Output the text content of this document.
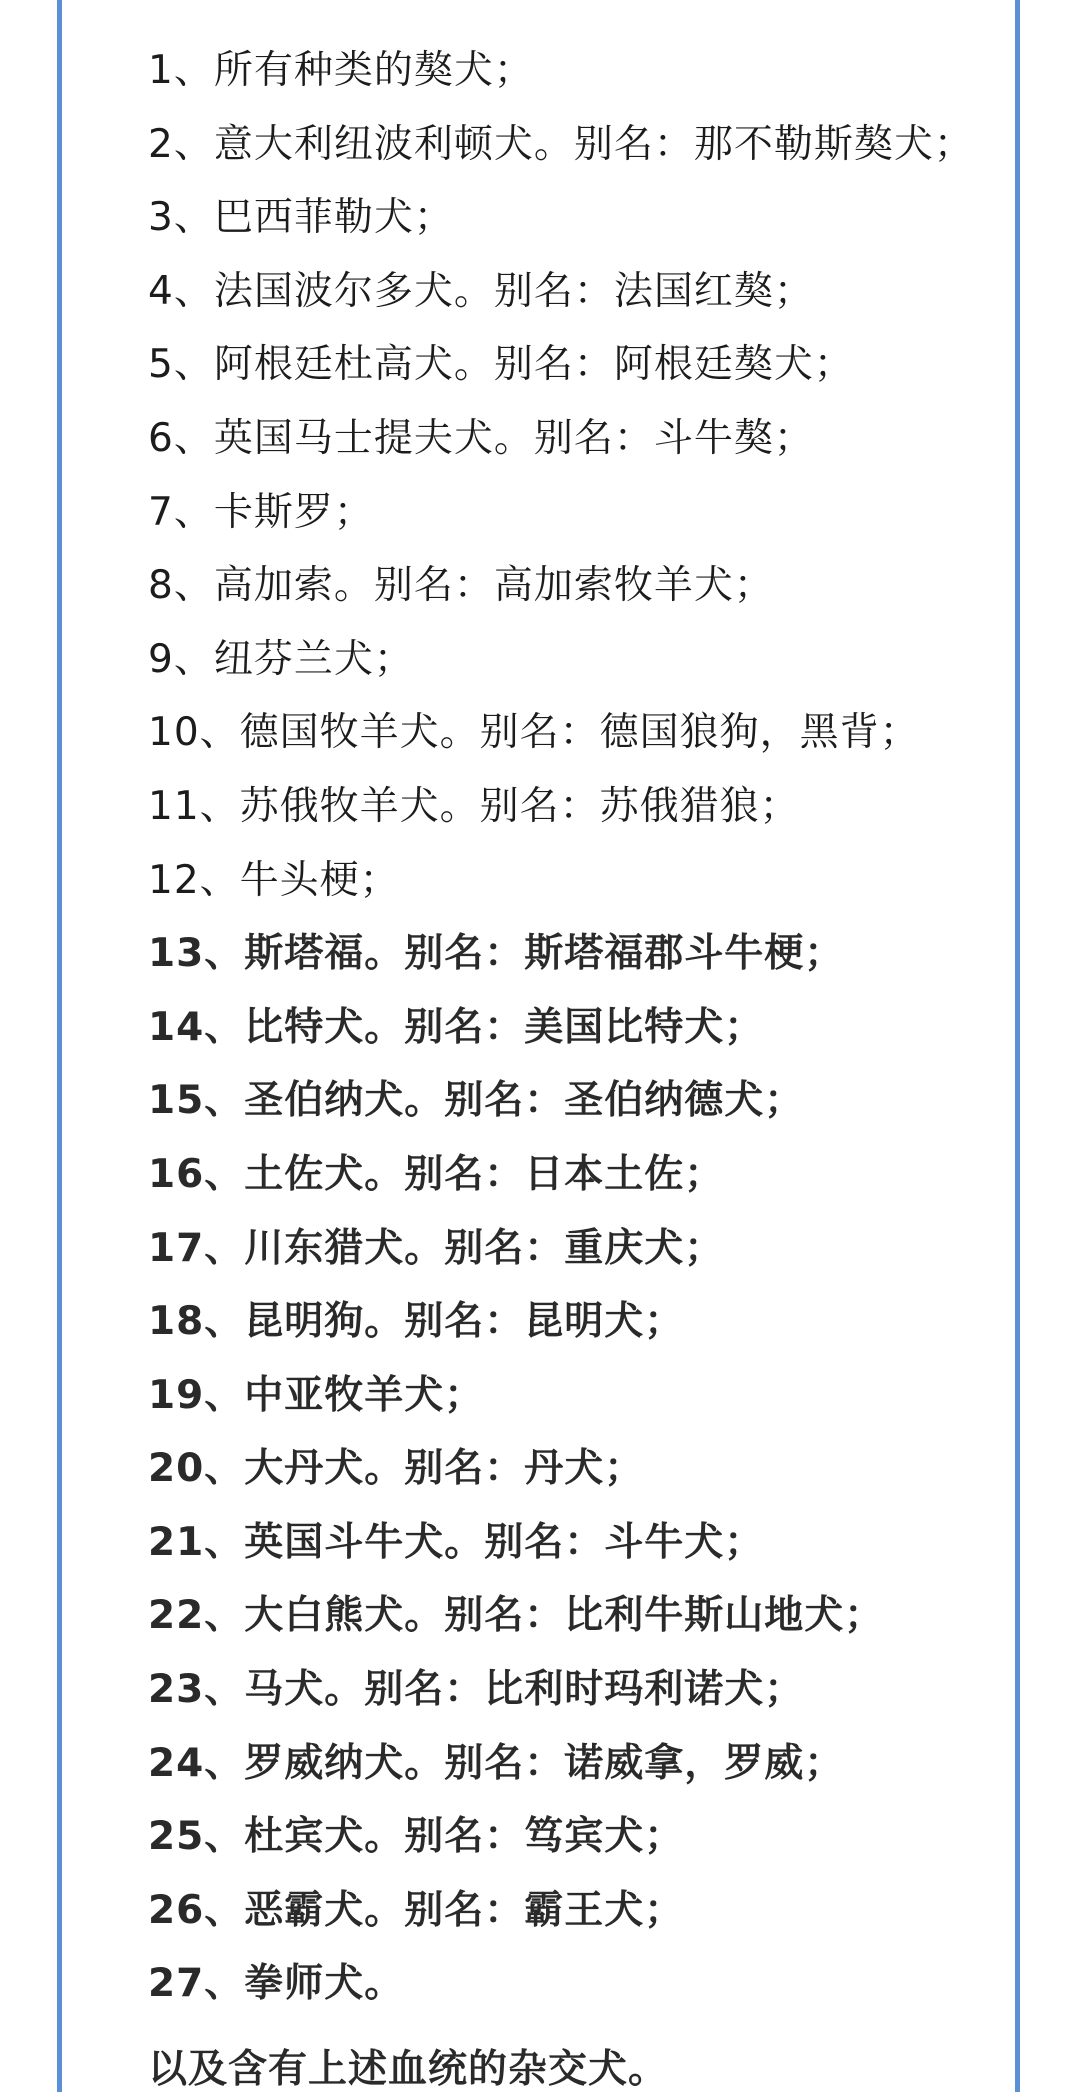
1、所有种类的獒犬；
2、意大利纽波利顿犬。别名：那不勒斯獒犬；
3、巴西菲勒犬；
4、法国波尔多犬。别名：法国红獒；
5、阿根廷杜高犬。别名：阿根廷獒犬；
6、英国马士提夫犬。别名：斗牛獒；
7、卡斯罗；
8、高加索。别名：高加索牧羊犬；
9、纽芬兰犬；
10、德国牧羊犬。别名：德国狼狗，黑背；
11、苏俄牧羊犬。别名：苏俄猎狼；
12、牛头梗；
13、斯塔福。别名：斯塔福郡斗牛梗；
14、比特犬。别名：美国比特犬；
15、圣伯纳犬。别名：圣伯纳德犬；
16、土佐犬。别名：日本土佐；
17、川东猎犬。别名：重庆犬；
18、昆明狗。别名：昆明犬；
19、中亚牧羊犬；
20、大丹犬。别名：丹犬；
21、英国斗牛犬。别名：斗牛犬；
22、大白熊犬。别名：比利牛斯山地犬；
23、马犬。别名：比利时玛利诺犬；
24、罗威纳犬。别名：诺威拿，罗威；
25、杜宾犬。别名：笃宾犬；
26、恶霸犬。别名：霸王犬；
27、拳师犬。
以及含有上述血统的杂交犬。
